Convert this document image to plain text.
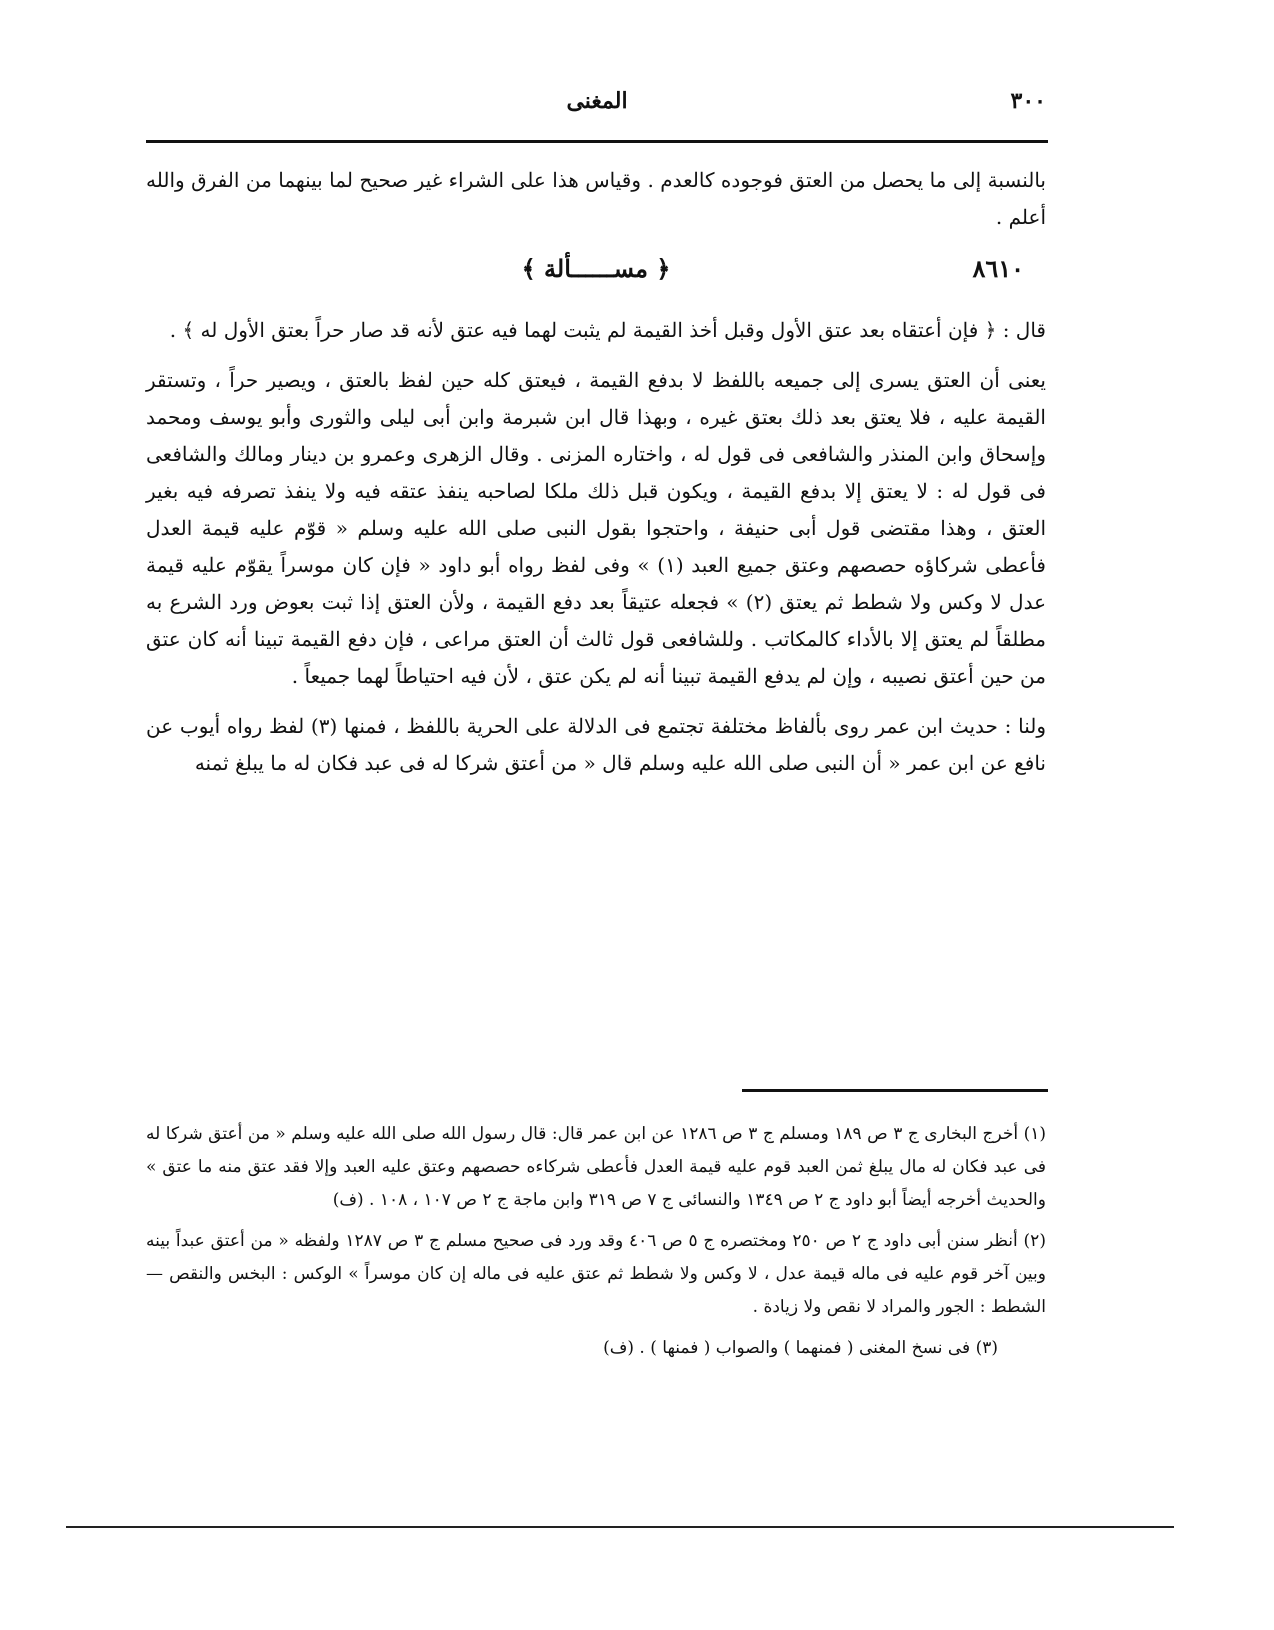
٣٠٠
المغنى

بالنسبة إلى ما يحصل من العتق فوجوده كالعدم . وقياس هذا على الشراء غير صحيح لما بينهما من الفرق والله أعلم .

٨٦١٠
﴿ مســــــألة ﴾

قال : ﴿ فإن أعتقاه بعد عتق الأول وقبل أخذ القيمة لم يثبت لهما فيه عتق لأنه قد صار حراً بعتق الأول له ﴾ .

يعنى أن العتق يسرى إلى جميعه باللفظ لا بدفع القيمة ، فيعتق كله حين لفظ بالعتق ، ويصير حراً ، وتستقر القيمة عليه ، فلا يعتق بعد ذلك بعتق غيره ، وبهذا قال ابن شبرمة وابن أبى ليلى والثورى وأبو يوسف ومحمد وإسحاق وابن المنذر والشافعى فى قول له ، واختاره المزنى . وقال الزهرى وعمرو بن دينار ومالك والشافعى فى قول له : لا يعتق إلا بدفع القيمة ، ويكون قبل ذلك ملكا لصاحبه ينفذ عتقه فيه ولا ينفذ تصرفه فيه بغير العتق ، وهذا مقتضى قول أبى حنيفة ، واحتجوا بقول النبى صلى الله عليه وسلم « قوّم عليه قيمة العدل فأعطى شركاؤه حصصهم وعتق جميع العبد (١) » وفى لفظ رواه أبو داود « فإن كان موسراً يقوّم عليه قيمة عدل لا وكس ولا شطط ثم يعتق (٢) » فجعله عتيقاً بعد دفع القيمة ، ولأن العتق إذا ثبت بعوض ورد الشرع به مطلقاً لم يعتق إلا بالأداء كالمكاتب . وللشافعى قول ثالث أن العتق مراعى ، فإن دفع القيمة تبينا أنه كان عتق من حين أعتق نصيبه ، وإن لم يدفع القيمة تبينا أنه لم يكن عتق ، لأن فيه احتياطاً لهما جميعاً .

ولنا : حديث ابن عمر روى بألفاظ مختلفة تجتمع فى الدلالة على الحرية باللفظ ، فمنها (٣) لفظ رواه أيوب عن نافع عن ابن عمر « أن النبى صلى الله عليه وسلم قال « من أعتق شركا له فى عبد فكان له ما يبلغ ثمنه

(١) أخرج البخارى ج ٣ ص ١٨٩ ومسلم ج ٣ ص ١٢٨٦ عن ابن عمر قال: قال رسول الله صلى الله عليه وسلم « من أعتق شركا له فى عبد فكان له مال يبلغ ثمن العبد قوم عليه قيمة العدل فأعطى شركاءه حصصهم وعتق عليه العبد وإلا فقد عتق منه ما عتق » والحديث أخرجه أيضاً أبو داود ج ٢ ص ١٣٤٩ والنسائى ج ٧ ص ٣١٩ وابن ماجة ج ٢ ص ١٠٧ ، ١٠٨ . (ف)

(٢) أنظر سنن أبى داود ج ٢ ص ٢٥٠ ومختصره ج ٥ ص ٤٠٦ وقد ورد فى صحيح مسلم ج ٣ ص ١٢٨٧ ولفظه « من أعتق عبداً بينه وبين آخر قوم عليه فى ماله قيمة عدل ، لا وكس ولا شطط ثم عتق عليه فى ماله إن كان موسراً » الوكس : البخس والنقص — الشطط : الجور والمراد لا نقص ولا زيادة .

(٣) فى نسخ المغنى ( فمنهما ) والصواب ( فمنها ) . (ف)
